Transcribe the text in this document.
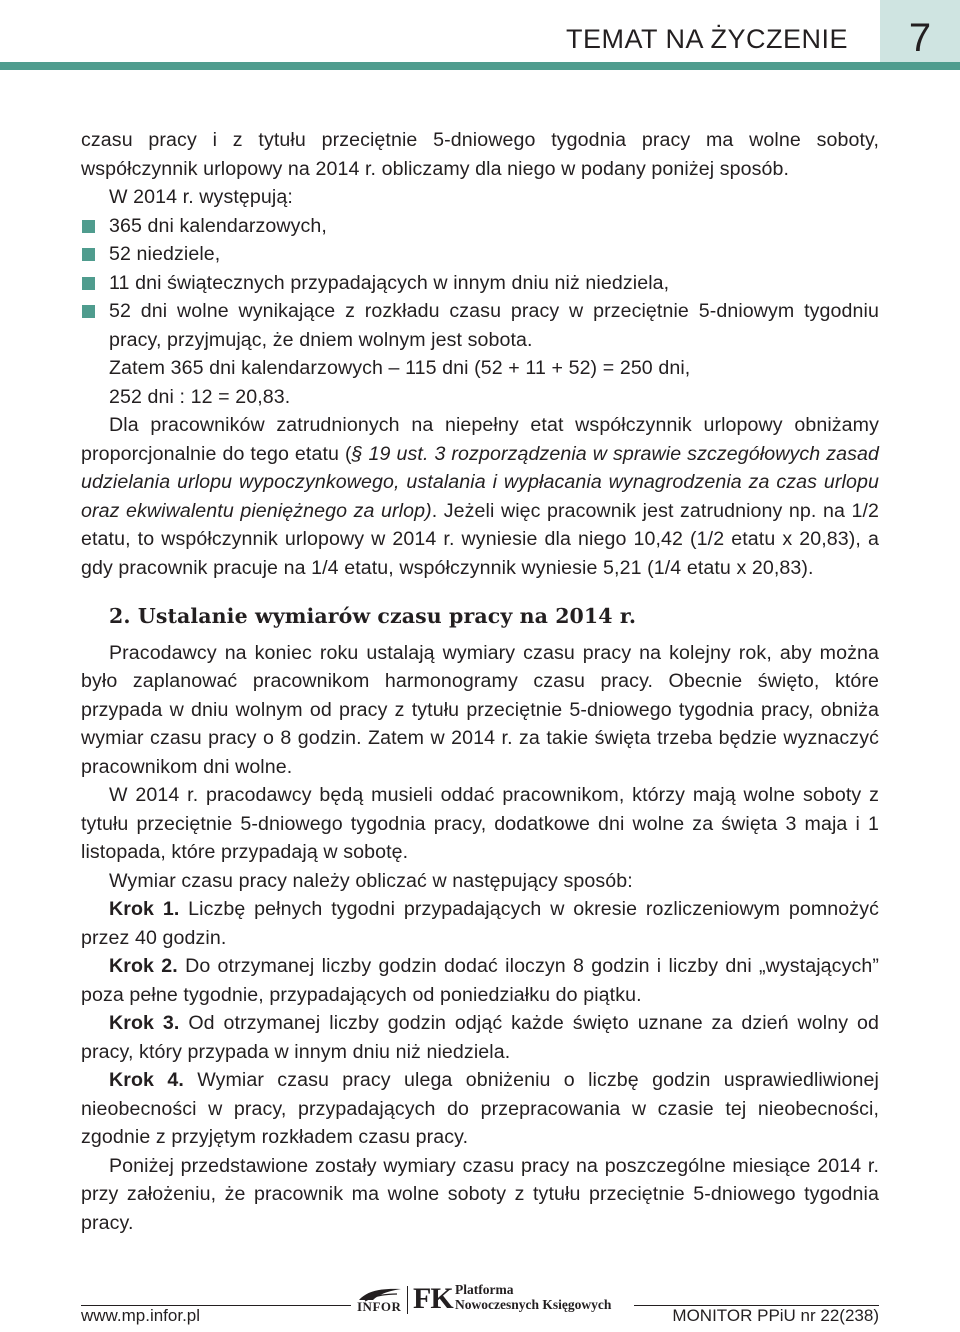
TEMAT NA ŻYCZENIE	7

czasu pracy i z tytułu przeciętnie 5-dniowego tygodnia pracy ma wolne soboty, współczynnik urlopowy na 2014 r. obliczamy dla niego w podany poniżej sposób.

W 2014 r. występują:

365 dni kalendarzowych,
52 niedziele,
11 dni świątecznych przypadających w innym dniu niż niedziela,
52 dni wolne wynikające z rozkładu czasu pracy w przeciętnie 5-dniowym tygodniu pracy, przyjmując, że dniem wolnym jest sobota.

Zatem 365 dni kalendarzowych – 115 dni (52 + 11 + 52) = 250 dni,

252 dni : 12 = 20,83.

Dla pracowników zatrudnionych na niepełny etat współczynnik urlopowy obniżamy proporcjonalnie do tego etatu (§ 19 ust. 3 rozporządzenia w sprawie szczegółowych zasad udzielania urlopu wypoczynkowego, ustalania i wypłacania wynagrodzenia za czas urlopu oraz ekwiwalentu pieniężnego za urlop). Jeżeli więc pracownik jest zatrudniony np. na 1/2 etatu, to współczynnik urlopowy w 2014 r. wyniesie dla niego 10,42 (1/2 etatu x 20,83), a gdy pracownik pracuje na 1/4 etatu, współczynnik wyniesie 5,21 (1/4 etatu x 20,83).

2. Ustalanie wymiarów czasu pracy na 2014 r.

Pracodawcy na koniec roku ustalają wymiary czasu pracy na kolejny rok, aby można było zaplanować pracownikom harmonogramy czasu pracy. Obecnie święto, które przypada w dniu wolnym od pracy z tytułu przeciętnie 5-dniowego tygodnia pracy, obniża wymiar czasu pracy o 8 godzin. Zatem w 2014 r. za takie święta trzeba będzie wyznaczyć pracownikom dni wolne.

W 2014 r. pracodawcy będą musieli oddać pracownikom, którzy mają wolne soboty z tytułu przeciętnie 5-dniowego tygodnia pracy, dodatkowe dni wolne za święta 3 maja i 1 listopada, które przypadają w sobotę.

Wymiar czasu pracy należy obliczać w następujący sposób:

Krok 1. Liczbę pełnych tygodni przypadających w okresie rozliczeniowym pomnożyć przez 40 godzin.

Krok 2. Do otrzymanej liczby godzin dodać iloczyn 8 godzin i liczby dni „wystających” poza pełne tygodnie, przypadających od poniedziałku do piątku.

Krok 3. Od otrzymanej liczby godzin odjąć każde święto uznane za dzień wolny od pracy, który przypada w innym dniu niż niedziela.

Krok 4. Wymiar czasu pracy ulega obniżeniu o liczbę godzin usprawiedliwionej nieobecności w pracy, przypadających do przepracowania w czasie tej nieobecności, zgodnie z przyjętym rozkładem czasu pracy.

Poniżej przedstawione zostały wymiary czasu pracy na poszczególne miesiące 2014 r. przy założeniu, że pracownik ma wolne soboty z tytułu przeciętnie 5-dniowego tygodnia pracy.

INFOR FK Platforma
Nowoczesnych Księgowych
www.mp.infor.pl	MONITOR PPiU nr 22(238)
